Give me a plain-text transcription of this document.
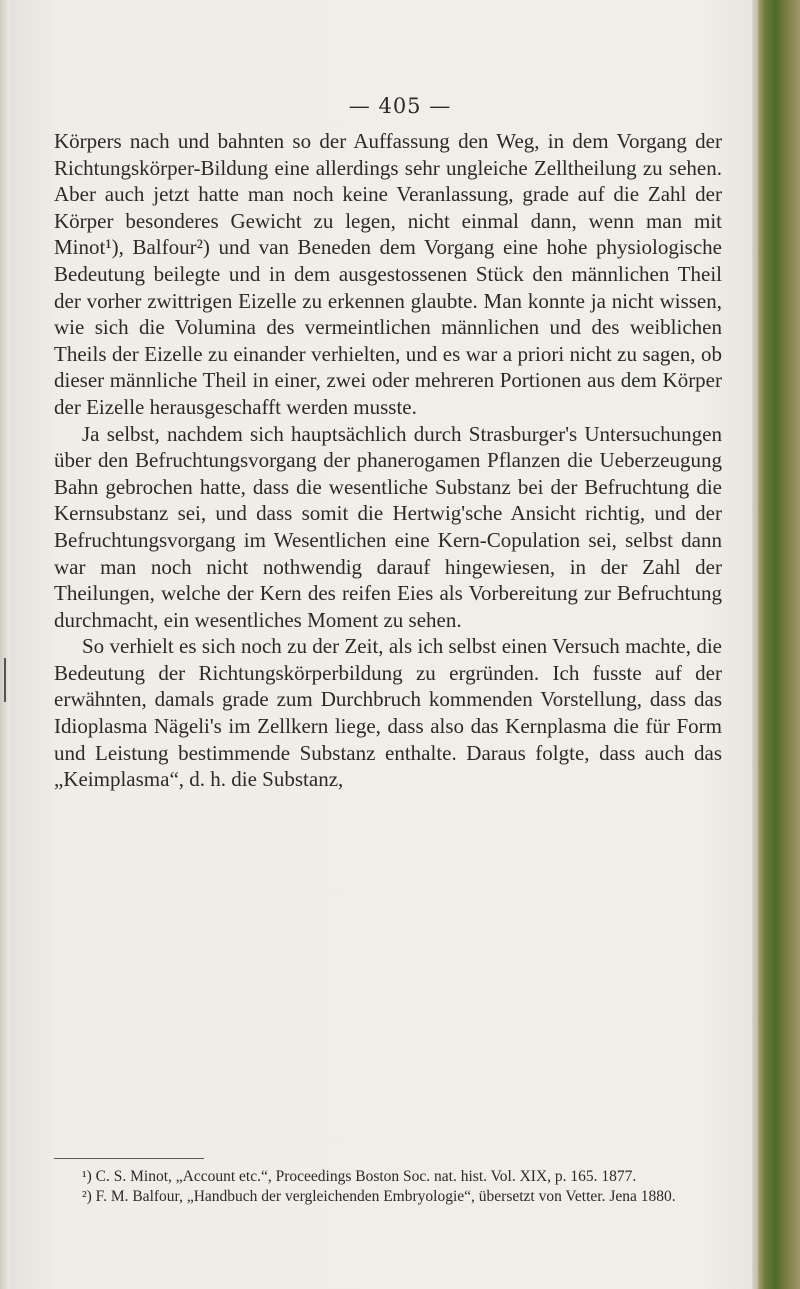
— 405 —

Körpers nach und bahnten so der Auffassung den Weg, in dem Vorgang der Richtungskörper-Bildung eine allerdings sehr ungleiche Zelltheilung zu sehen. Aber auch jetzt hatte man noch keine Veranlassung, grade auf die Zahl der Körper besonderes Gewicht zu legen, nicht einmal dann, wenn man mit Minot¹), Balfour²) und van Beneden dem Vorgang eine hohe physiologische Bedeutung beilegte und in dem ausgestossenen Stück den männlichen Theil der vorher zwittrigen Eizelle zu erkennen glaubte. Man konnte ja nicht wissen, wie sich die Volumina des vermeintlichen männlichen und des weiblichen Theils der Eizelle zu einander verhielten, und es war a priori nicht zu sagen, ob dieser männliche Theil in einer, zwei oder mehreren Portionen aus dem Körper der Eizelle herausgeschafft werden musste.

Ja selbst, nachdem sich hauptsächlich durch Strasburger's Untersuchungen über den Befruchtungsvorgang der phanerogamen Pflanzen die Ueberzeugung Bahn gebrochen hatte, dass die wesentliche Substanz bei der Befruchtung die Kernsubstanz sei, und dass somit die Hertwig'sche Ansicht richtig, und der Befruchtungsvorgang im Wesentlichen eine Kern-Copulation sei, selbst dann war man noch nicht nothwendig darauf hingewiesen, in der Zahl der Theilungen, welche der Kern des reifen Eies als Vorbereitung zur Befruchtung durchmacht, ein wesentliches Moment zu sehen.

So verhielt es sich noch zu der Zeit, als ich selbst einen Versuch machte, die Bedeutung der Richtungskörperbildung zu ergründen. Ich fusste auf der erwähnten, damals grade zum Durchbruch kommenden Vorstellung, dass das Idioplasma Nägeli's im Zellkern liege, dass also das Kernplasma die für Form und Leistung bestimmende Substanz enthalte. Daraus folgte, dass auch das „Keimplasma“, d. h. die Substanz,

¹) C. S. Minot, „Account etc.“, Proceedings Boston Soc. nat. hist. Vol. XIX, p. 165. 1877.

²) F. M. Balfour, „Handbuch der vergleichenden Embryologie“, übersetzt von Vetter. Jena 1880.
